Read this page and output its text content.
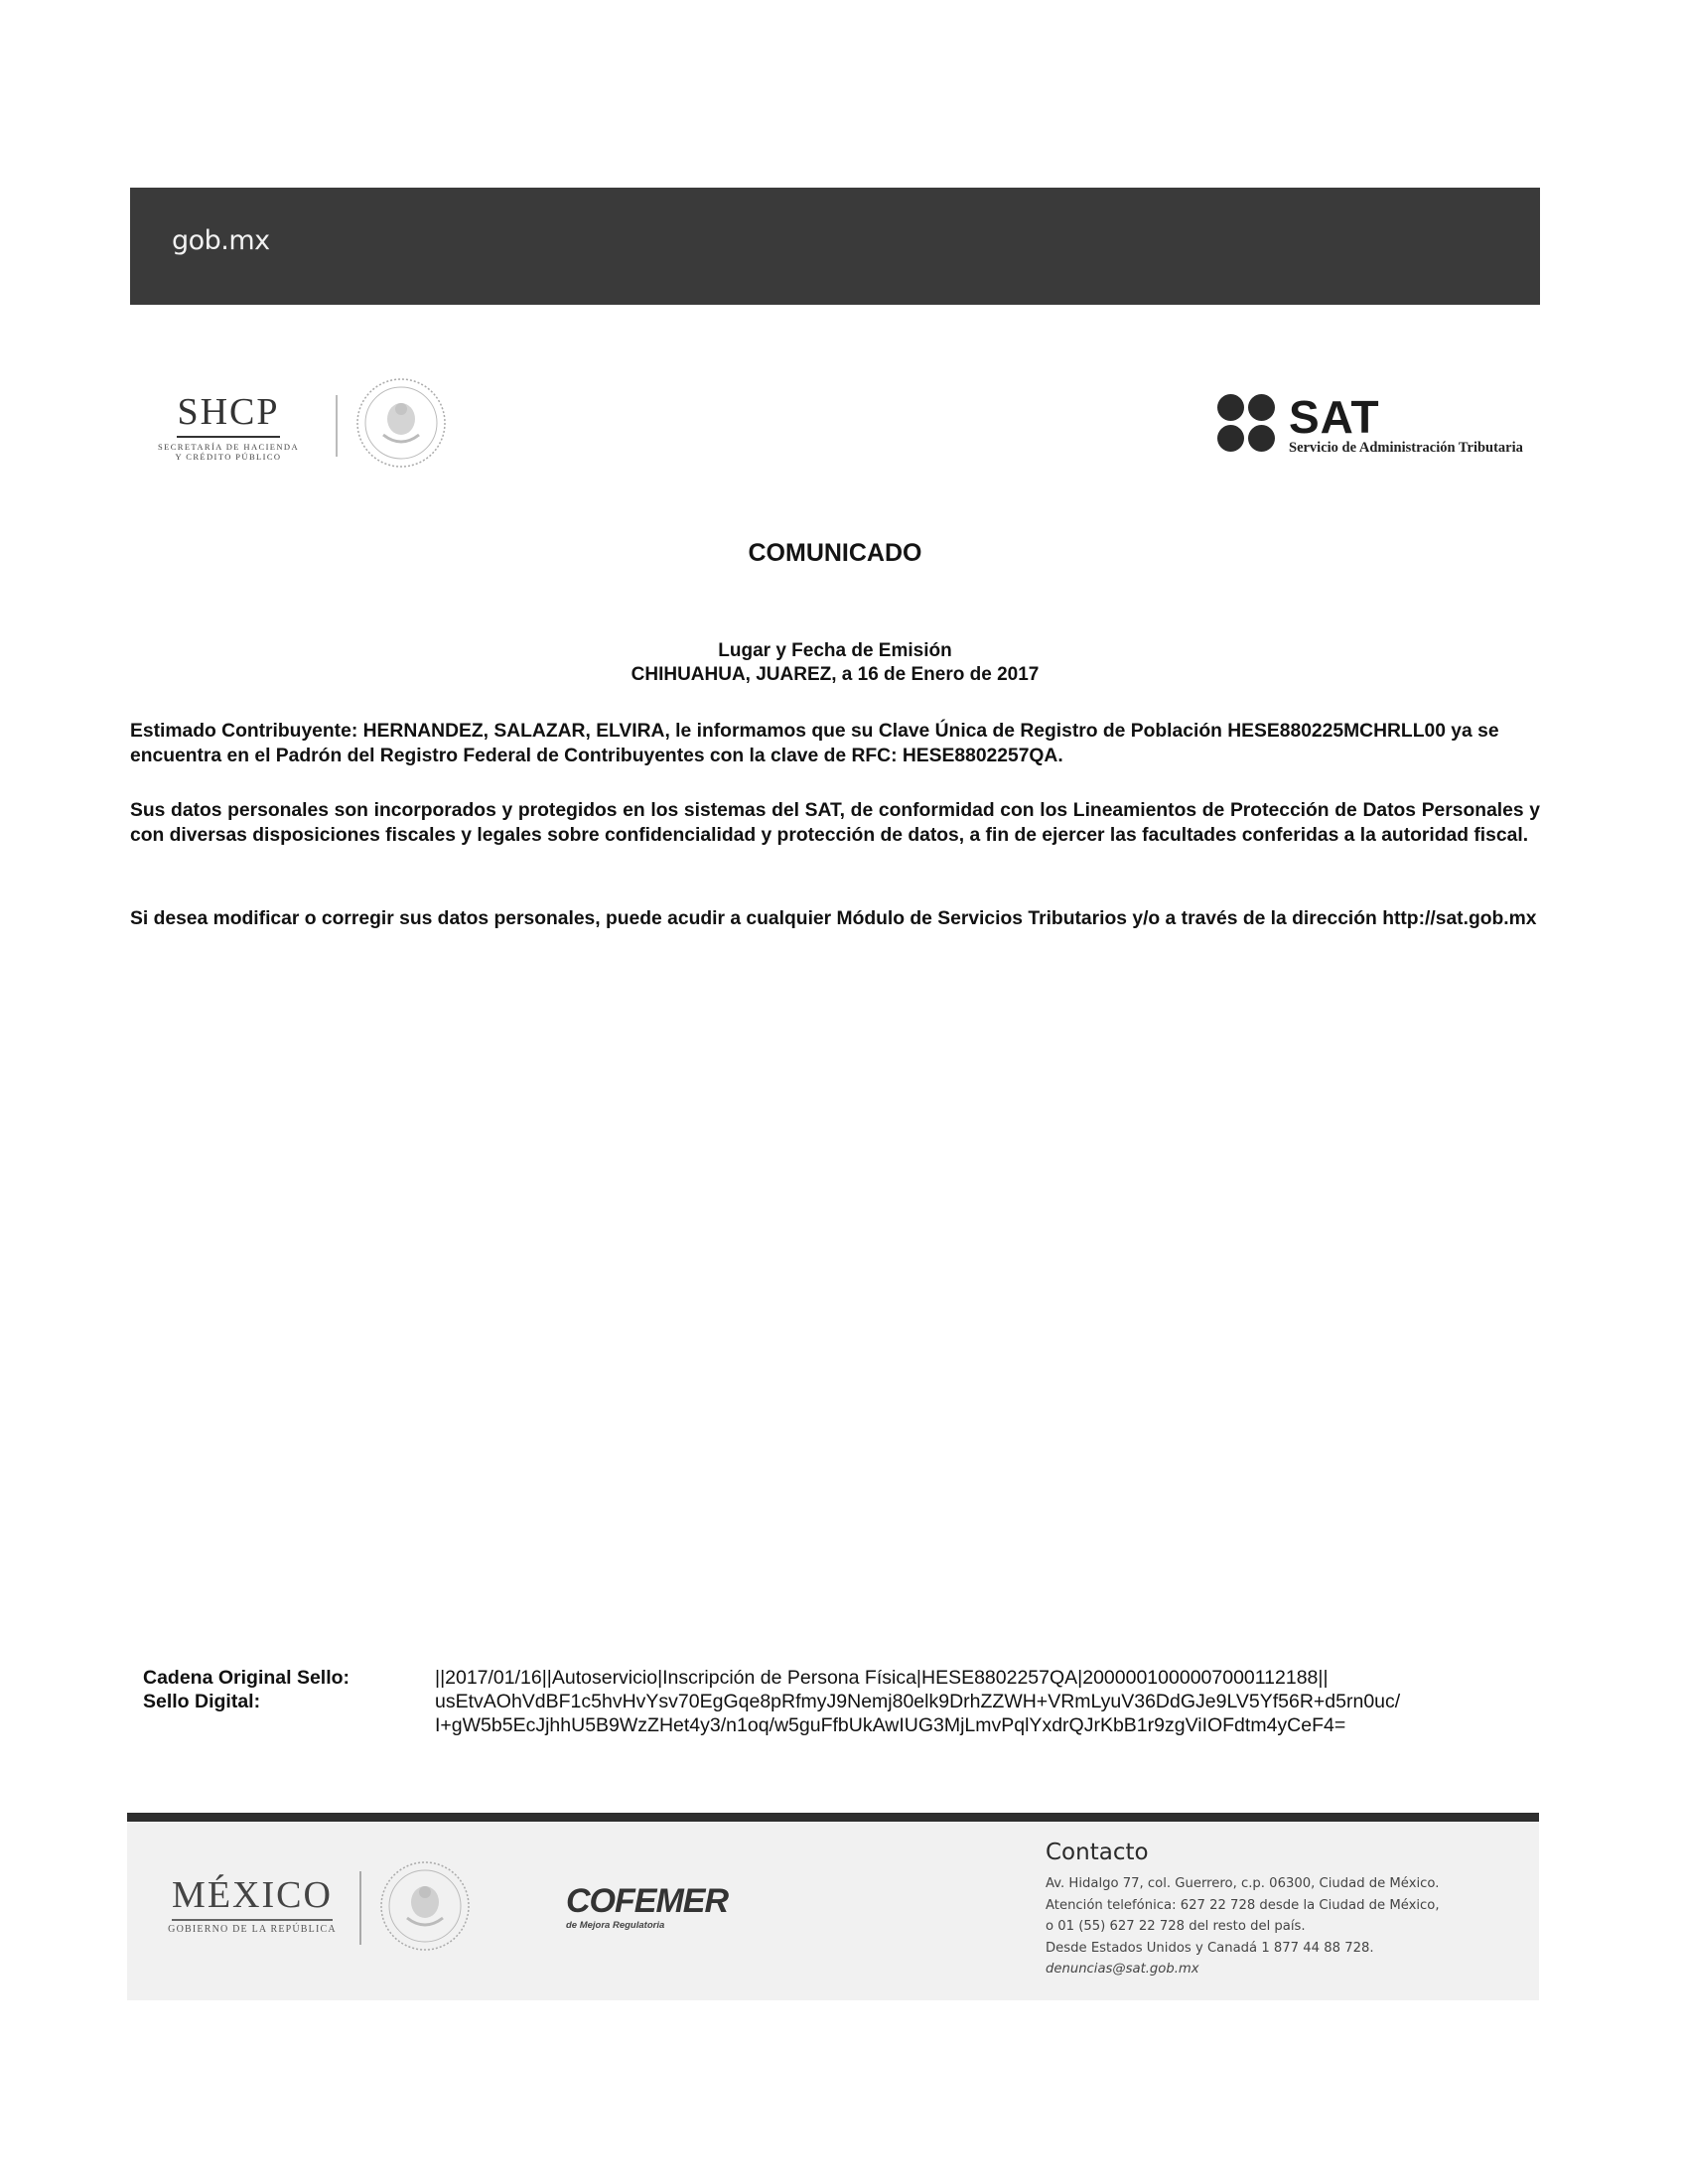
gob.mx
SHCP
SECRETARÍA DE HACIENDA
Y CRÉDITO PÚBLICO
SAT
Servicio de Administración Tributaria
COMUNICADO
Lugar y Fecha de Emisión
CHIHUAHUA, JUAREZ, a 16 de Enero de 2017
Estimado Contribuyente: HERNANDEZ, SALAZAR, ELVIRA, le informamos que su Clave Única de Registro de Población HESE880225MCHRLL00 ya se encuentra en el Padrón del Registro Federal de Contribuyentes con la clave de RFC: HESE8802257QA.
Sus datos personales son incorporados y protegidos en los sistemas del SAT, de conformidad con los Lineamientos de Protección de Datos Personales y con diversas disposiciones fiscales y legales sobre confidencialidad y protección de datos, a fin de ejercer las facultades conferidas a la autoridad fiscal.
Si desea modificar o corregir sus datos personales, puede acudir a cualquier Módulo de Servicios Tributarios y/o a través de la dirección http://sat.gob.mx
Cadena Original Sello:
Sello Digital:
||2017/01/16||Autoservicio|Inscripción de Persona Física|HESE8802257QA|200000100000700011218​8||
usEtvAOhVdBF1c5hvHvYsv70EgGqe8pRfmyJ9Nemj80elk9DrhZZWH+VRmLyuV36DdGJe9LV5Yf56R+d5rn0uc/
I+gW5b5EcJjhhU5B9WzZHet4y3/n1oq/w5guFfbUkAwIUG3MjLmvPqlYxdrQJrKbB1r9zgViIOFdtm4yCeF4=
MÉXICO
GOBIERNO DE LA REPÚBLICA
COFEMER
de Mejora Regulatoria
Contacto
Av. Hidalgo 77, col. Guerrero, c.p. 06300, Ciudad de México.
Atención telefónica: 627 22 728 desde la Ciudad de México,
o 01 (55) 627 22 728 del resto del país.
Desde Estados Unidos y Canadá 1 877 44 88 728.
denuncias@sat.gob.mx
